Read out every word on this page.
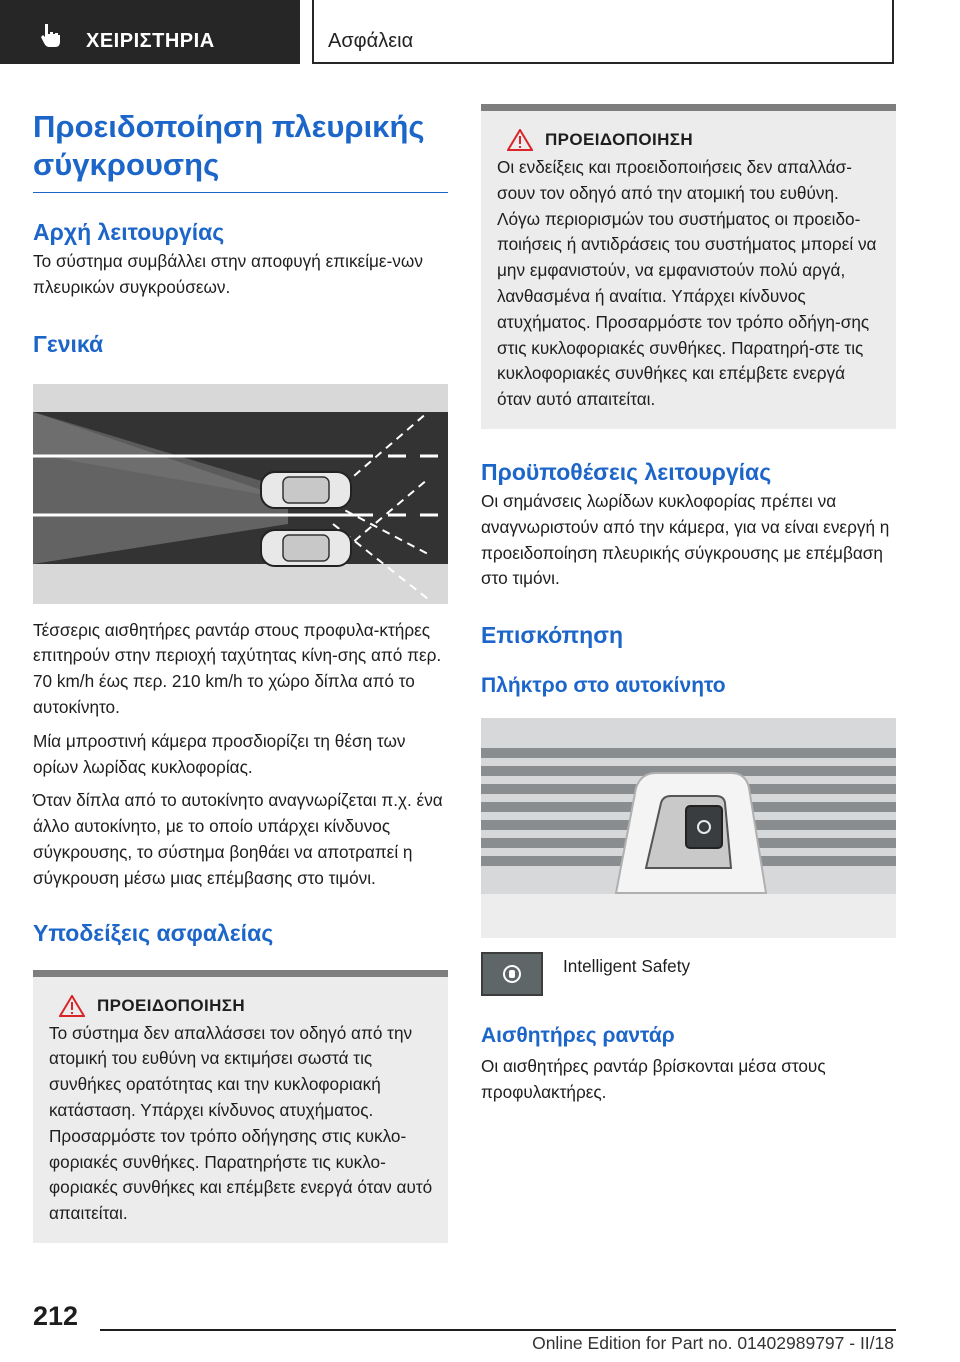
ΧΕΙΡΙΣΤΗΡΙΑ	Ασφάλεια
Προειδοποίηση πλευρικής σύγκρουσης
Αρχή λειτουργίας

Το σύστημα συμβάλλει στην αποφυγή επικείμε-νων πλευρικών συγκρούσεων.

Γενικά

Τέσσερις αισθητήρες ραντάρ στους προφυλα-κτήρες επιτηρούν στην περιοχή ταχύτητας κίνη-σης από περ. 70 km/h έως περ. 210 km/h το χώρο δίπλα από το αυτοκίνητο.

Μία μπροστινή κάμερα προσδιορίζει τη θέση των ορίων λωρίδας κυκλοφορίας.

Όταν δίπλα από το αυτοκίνητο αναγνωρίζεται π.χ. ένα άλλο αυτοκίνητο, με το οποίο υπάρχει κίνδυνος σύγκρουσης, το σύστημα βοηθάει να αποτραπεί η σύγκρουση μέσω μιας επέμβασης στο τιμόνι.

Υποδείξεις ασφαλείας
ΠΡΟΕΙΔΟΠΟΙΗΣΗ

Το σύστημα δεν απαλλάσσει τον οδηγό από την ατομική του ευθύνη να εκτιμήσει σωστά τις συνθήκες ορατότητας και την κυκλοφοριακή κατάσταση. Υπάρχει κίνδυνος ατυχήματος. Προσαρμόστε τον τρόπο οδήγησης στις κυκλο-φοριακές συνθήκες. Παρατηρήστε τις κυκλο-φοριακές συνθήκες και επέμβετε ενεργά όταν αυτό απαιτείται.

ΠΡΟΕΙΔΟΠΟΙΗΣΗ

Οι ενδείξεις και προειδοποιήσεις δεν απαλλάσ-σουν τον οδηγό από την ατομική του ευθύνη. Λόγω περιορισμών του συστήματος οι προειδο-ποιήσεις ή αντιδράσεις του συστήματος μπορεί να μην εμφανιστούν, να εμφανιστούν πολύ αργά, λανθασμένα ή αναίτια. Υπάρχει κίνδυνος ατυχήματος. Προσαρμόστε τον τρόπο οδήγη-σης στις κυκλοφοριακές συνθήκες. Παρατηρή-στε τις κυκλοφοριακές συνθήκες και επέμβετε ενεργά όταν αυτό απαιτείται.

Προϋποθέσεις λειτουργίας

Οι σημάνσεις λωρίδων κυκλοφορίας πρέπει να αναγνωριστούν από την κάμερα, για να είναι ενεργή η προειδοποίηση πλευρικής σύγκρουσης με επέμβαση στο τιμόνι.

Επισκόπηση
Πλήκτρο στο αυτοκίνητο

Intelligent Safety

Αισθητήρες ραντάρ

Οι αισθητήρες ραντάρ βρίσκονται μέσα στους προφυλακτήρες.

212
Online Edition for Part no. 01402989797 - II/18
